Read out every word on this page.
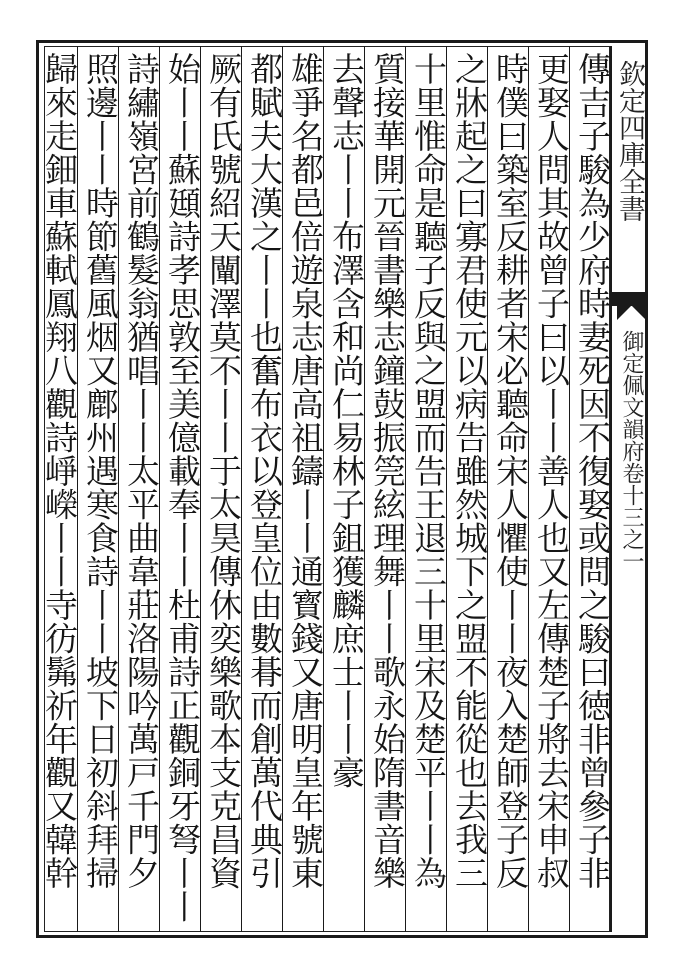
欽定四庫全書
御定佩文韻府卷十三之一
傳吉子駿為少府時妻死因不復娶或問之駿曰徳非曾參子非
更娶人問其故曾子曰以丨丨善人也又左傳楚子將去宋申叔
時僕曰築室反耕者宋必聽命宋人懼使丨丨夜入楚師登子反
之牀起之曰寡君使元以病告雖然城下之盟不能從也去我三
十里惟命是聽子反與之盟而告王退三十里宋及楚平丨丨為
質接華開元晉書樂志鐘鼔振筦絃理舞丨丨歌永始隋書音樂
去聲志丨丨布澤含和尚仁易林子鉏獲麟庶士丨丨豪
雄爭名都邑倍遊泉志唐高祖鑄丨丨通寳錢又唐明皇年號東
都賦夫大漢之丨丨也奮布衣以登皇位由數朞而創萬代典引
厥有氏號紹天闡澤莫不丨丨于太昊傳休奕樂歌本支克昌資
始丨丨蘇頲詩孝思敦至美億載奉丨丨杜甫詩正觀銅牙弩丨丨
詩繡嶺宮前鶴髮翁猶唱丨丨太平曲韋莊洛陽吟萬戸千門夕
照邊丨丨時節舊風烟又鄜州遇寒食詩丨丨坡下日初斜拜掃
歸來走鈿車蘇軾鳳翔八觀詩崢嶸丨丨寺彷髴祈年觀又韓幹
